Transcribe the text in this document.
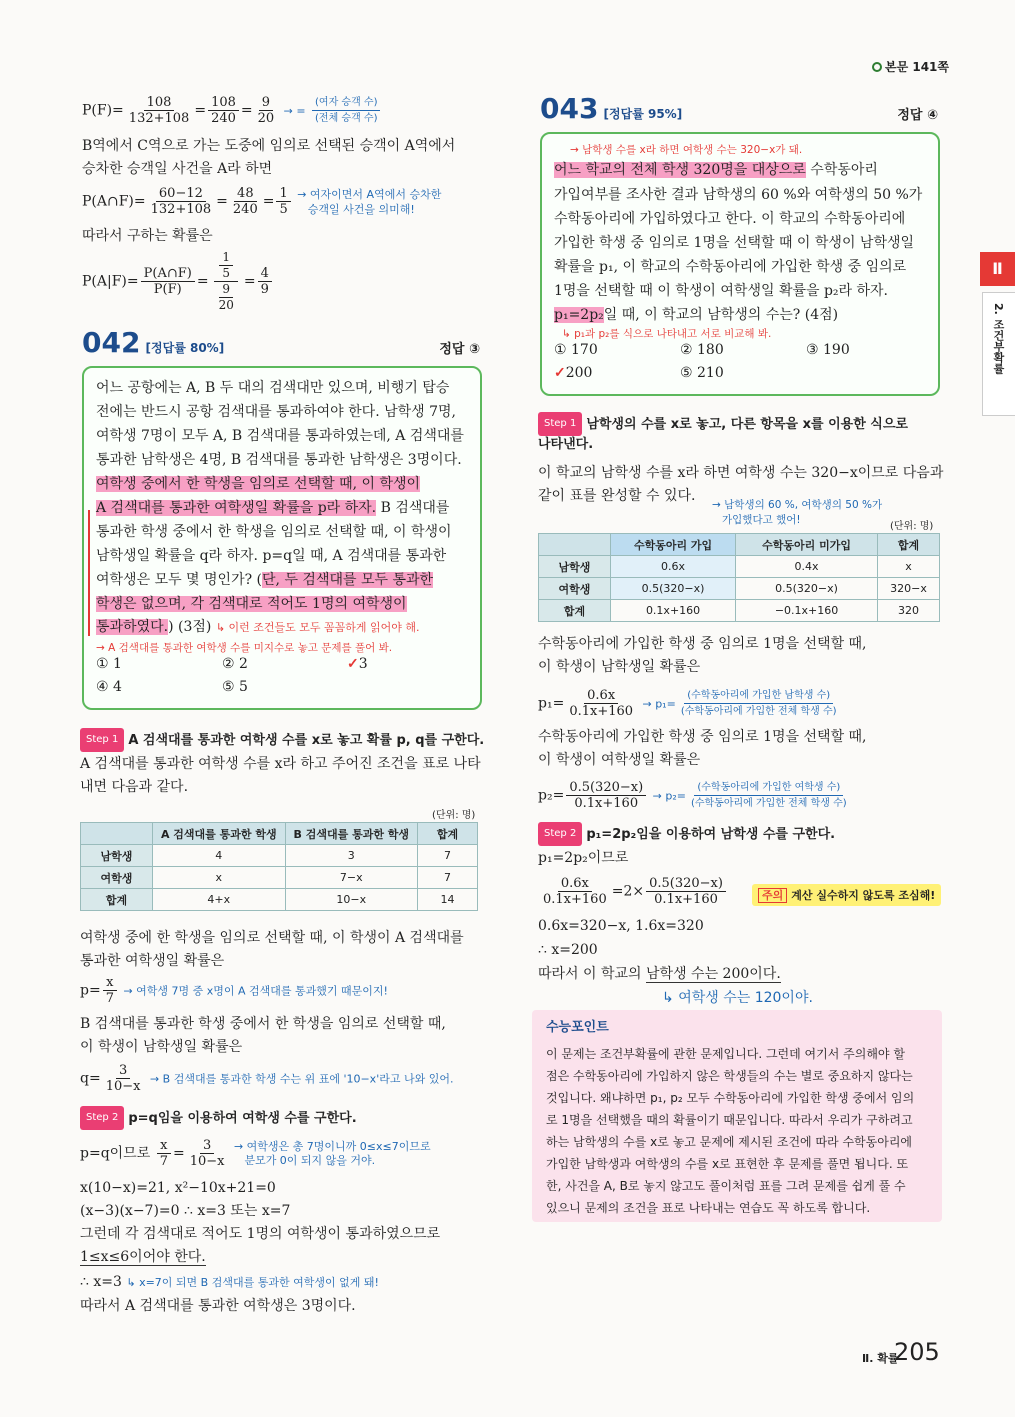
본문 141쪽
$P(F)= \frac{108}{132+108} = \frac{108}{240} = \frac{9}{20}$ → = $\frac{\text{(여자 승객 수)}}{\text{(전체 승객 수)}}$
B역에서 C역으로 가는 도중에 임의로 선택된 승객이 A역에서
승차한 승객일 사건을 A라 하면
P(A∩F)= $\frac{60-12}{132+108} = \frac{48}{240} = \frac{1}{5}$ → 여자이면서 A역에서 승차한
승객일 사건을 의미해!
따라서 구하는 확률은
$P(A|F)= \frac{P(A\cap F)}{P(F)} = \frac{\frac{1}{5}}{\frac{9}{20}} = \frac{4}{9}$
042 [정답률 80%]	정답 ③
어느 공항에는 A, B 두 대의 검색대만 있으며, 비행기 탑승
전에는 반드시 공항 검색대를 통과하여야 한다. 남학생 7명,
여학생 7명이 모두 A, B 검색대를 통과하였는데, A 검색대를
통과한 남학생은 4명, B 검색대를 통과한 남학생은 3명이다.
여학생 중에서 한 학생을 임의로 선택할 때, 이 학생이
A 검색대를 통과한 여학생일 확률을 p라 하자. B 검색대를
통과한 학생 중에서 한 학생을 임의로 선택할 때, 이 학생이
남학생일 확률을 q라 하자. p=q일 때, A 검색대를 통과한
여학생은 모두 몇 명인가? (단, 두 검색대를 모두 통과한
학생은 없으며, 각 검색대로 적어도 1명의 여학생이
통과하였다.) (3점) ↳ 이런 조건들도 모두 꼼꼼하게 읽어야 해.
→ A 검색대를 통과한 여학생 수를 미지수로 놓고 문제를 풀어 봐.
① 1	② 2	✓3
④ 4	⑤ 5
Step 1 A 검색대를 통과한 여학생 수를 x로 놓고 확률 p, q를 구한다.
A 검색대를 통과한 여학생 수를 x라 하고 주어진 조건을 표로 나타
내면 다음과 같다.
(단위: 명)
	A 검색대를 통과한 학생	B 검색대를 통과한 학생	합계
남학생	4	3	7
여학생	x	7−x	7
합계	4+x	10−x	14
여학생 중에 한 학생을 임의로 선택할 때, 이 학생이 A 검색대를
통과한 여학생일 확률은
$p= \frac{x}{7}$ → 여학생 7명 중 x명이 A 검색대를 통과했기 때문이지!
B 검색대를 통과한 학생 중에서 한 학생을 임의로 선택할 때,
이 학생이 남학생일 확률은
$q= \frac{3}{10-x} \to B$ 검색대를 통과한 학생 수는 위 표에 '10−x'라고 나와 있어.
Step 2 p=q임을 이용하여 여학생 수를 구한다.
p=q이므로 $\frac{x}{7} = \frac{3}{10-x}$ → 여학생은 총 7명이니까 0≤x≤7이므로
분모가 0이 되지 않을 거야.
x(10−x)=21, x²−10x+21=0
(x−3)(x−7)=0 ∴ x=3 또는 x=7
그런데 각 검색대로 적어도 1명의 여학생이 통과하였으므로
1≤x≤6이어야 한다.
∴ x=3 ↳ x=7이 되면 B 검색대를 통과한 여학생이 없게 돼!
따라서 A 검색대를 통과한 여학생은 3명이다.
043 [정답률 95%]	정답 ④
→ 남학생 수를 x라 하면 여학생 수는 320−x가 돼.
어느 학교의 전체 학생 320명을 대상으로 수학동아리
가입여부를 조사한 결과 남학생의 60 %와 여학생의 50 %가
수학동아리에 가입하였다고 한다. 이 학교의 수학동아리에
가입한 학생 중 임의로 1명을 선택할 때 이 학생이 남학생일
확률을 p₁, 이 학교의 수학동아리에 가입한 학생 중 임의로
1명을 선택할 때 이 학생이 여학생일 확률을 p₂라 하자.
p₁=2p₂일 때, 이 학교의 남학생의 수는? (4점)
↳ p₁과 p₂를 식으로 나타내고 서로 비교해 봐.
① 170	② 180	③ 190
✓200	⑤ 210
Step 1 남학생의 수를 x로 놓고, 다른 항목을 x를 이용한 식으로
나타낸다.
이 학교의 남학생 수를 x라 하면 여학생 수는 320−x이므로 다음과
같이 표를 완성할 수 있다.
→ 남학생의 60 %, 여학생의 50 %가
가입했다고 했어!
(단위: 명)
	수학동아리 가입	수학동아리 미가입	합계
남학생	0.6x	0.4x	x
여학생	0.5(320−x)	0.5(320−x)	320−x
합계	0.1x+160	−0.1x+160	320
수학동아리에 가입한 학생 중 임의로 1명을 선택할 때,
이 학생이 남학생일 확률은
$p_1= \frac{0.6x}{0.1x+160} \to p_1= \frac{\text{(수학동아리에 가입한 남학생 수)}}{\text{(수학동아리에 가입한 전체 학생 수)}}$
수학동아리에 가입한 학생 중 임의로 1명을 선택할 때,
이 학생이 여학생일 확률은
$p_2= \frac{0.5(320-x)}{0.1x+160} \to p_2= \frac{\text{(수학동아리에 가입한 여학생 수)}}{\text{(수학동아리에 가입한 전체 학생 수)}}$
Step 2 p₁=2p₂임을 이용하여 남학생 수를 구한다.
p₁=2p₂이므로
$\frac{0.6x}{0.1x+160} =2\times \frac{0.5(320-x)}{0.1x+160}$	주의 계산 실수하지 않도록 조심해!
0.6x=320−x, 1.6x=320
∴ x=200
따라서 이 학교의 남학생 수는 200이다.
↳ 여학생 수는 120이야.
수능포인트
이 문제는 조건부확률에 관한 문제입니다. 그런데 여기서 주의해야 할
점은 수학동아리에 가입하지 않은 학생들의 수는 별로 중요하지 않다는
것입니다. 왜냐하면 p₁, p₂ 모두 수학동아리에 가입한 학생 중에서 임의
로 1명을 선택했을 때의 확률이기 때문입니다. 따라서 우리가 구하려고
하는 남학생의 수를 x로 놓고 문제에 제시된 조건에 따라 수학동아리에
가입한 남학생과 여학생의 수를 x로 표현한 후 문제를 풀면 됩니다. 또
한, 사건을 A, B로 놓지 않고도 풀이처럼 표를 그려 문제를 쉽게 풀 수
있으니 문제의 조건을 표로 나타내는 연습도 꼭 하도록 합니다.
Ⅱ
2. 조건부확률
Ⅱ. 확률
205
